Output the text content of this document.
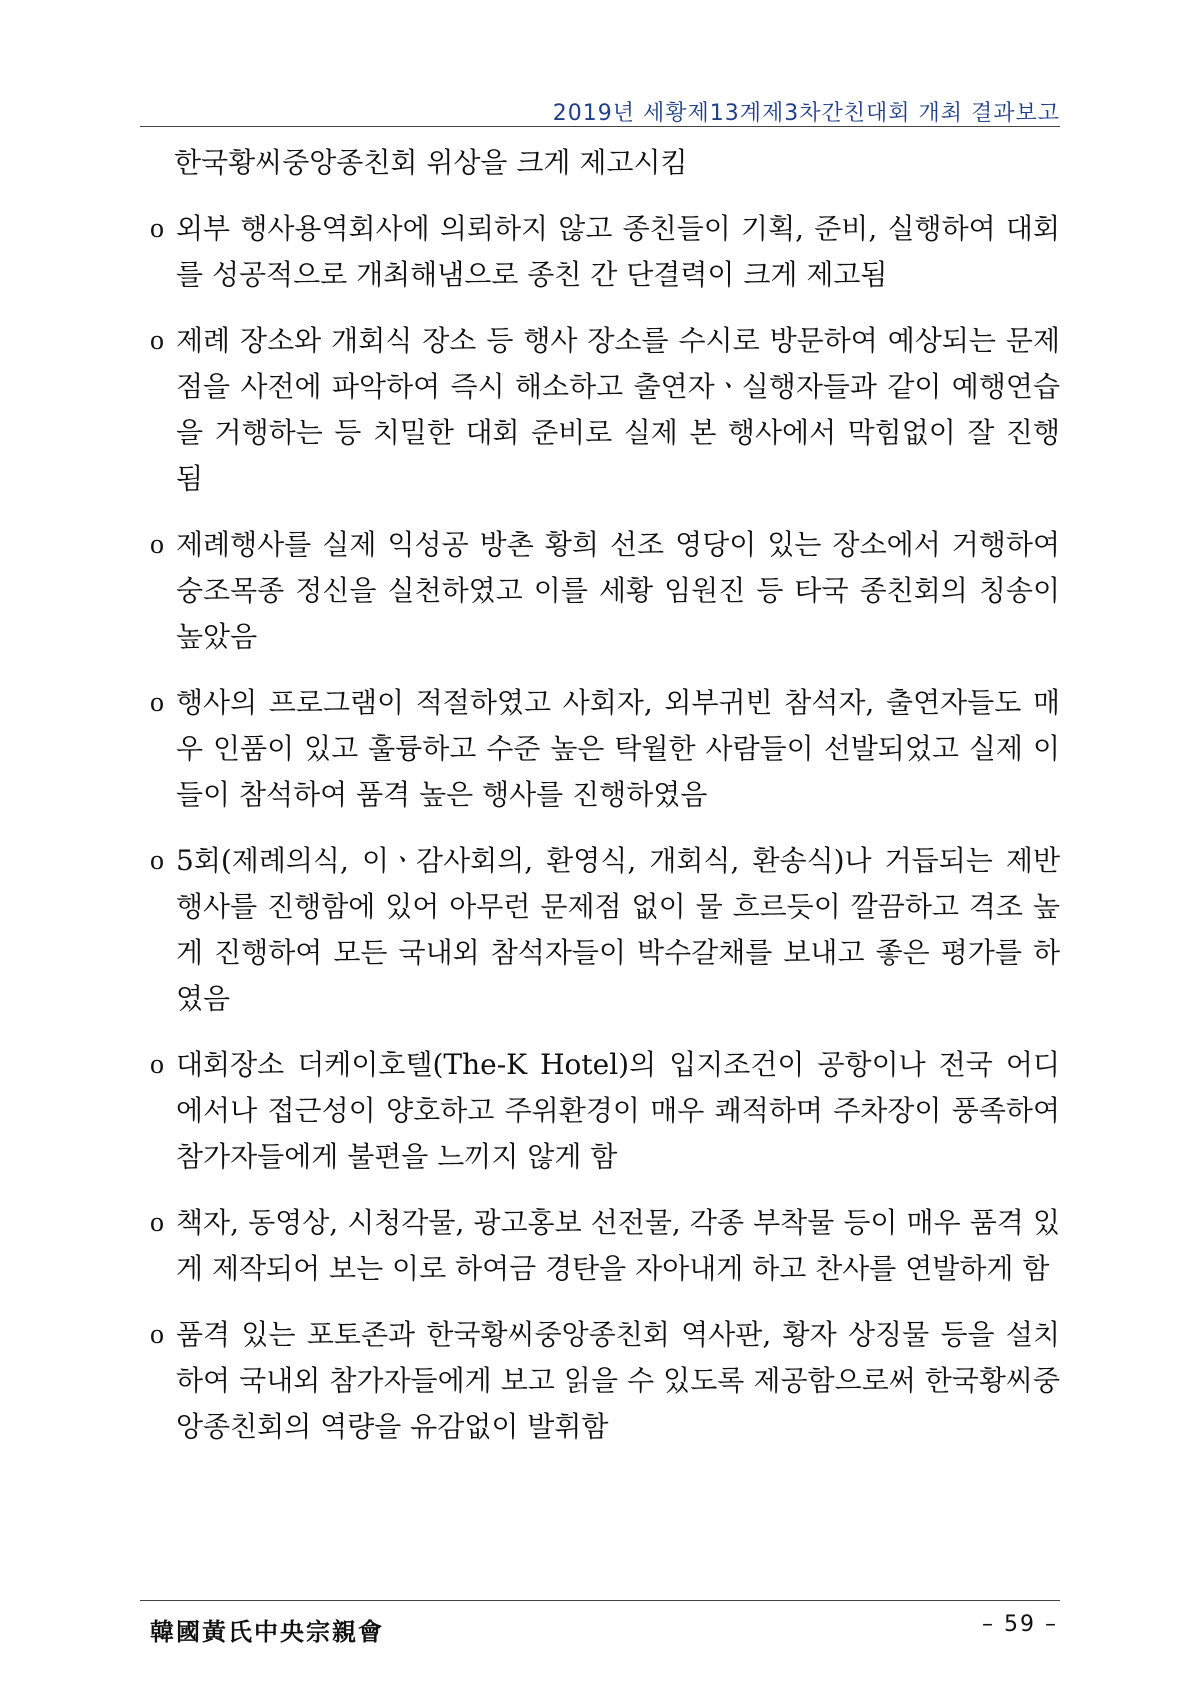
2019년 세황제13계제3차간친대회 개최 결과보고

한국황씨중앙종친회 위상을 크게 제고시킴

o 외부 행사용역회사에 의뢰하지 않고 종친들이 기획, 준비, 실행하여 대회를 성공적으로 개최해냄으로 종친 간 단결력이 크게 제고됨
o 제례 장소와 개회식 장소 등 행사 장소를 수시로 방문하여 예상되는 문제점을 사전에 파악하여 즉시 해소하고 출연자ㆍ실행자들과 같이 예행연습을 거행하는 등 치밀한 대회 준비로 실제 본 행사에서 막힘없이 잘 진행 됨
o 제례행사를 실제 익성공 방촌 황희 선조 영당이 있는 장소에서 거행하여 숭조목종 정신을 실천하였고 이를 세황 임원진 등 타국 종친회의 칭송이 높았음
o 행사의 프로그램이 적절하였고 사회자, 외부귀빈 참석자, 출연자들도 매우 인품이 있고 훌륭하고 수준 높은 탁월한 사람들이 선발되었고 실제 이들이 참석하여 품격 높은 행사를 진행하였음
o 5회(제례의식, 이ㆍ감사회의, 환영식, 개회식, 환송식)나 거듭되는 제반 행사를 진행함에 있어 아무런 문제점 없이 물 흐르듯이 깔끔하고 격조 높게 진행하여 모든 국내외 참석자들이 박수갈채를 보내고 좋은 평가를 하였음
o 대회장소 더케이호텔(The-K Hotel)의 입지조건이 공항이나 전국 어디에서나 접근성이 양호하고 주위환경이 매우 쾌적하며 주차장이 풍족하여 참가자들에게 불편을 느끼지 않게 함
o 책자, 동영상, 시청각물, 광고홍보 선전물, 각종 부착물 등이 매우 품격 있게 제작되어 보는 이로 하여금 경탄을 자아내게 하고 찬사를 연발하게 함
o 품격 있는 포토존과 한국황씨중앙종친회 역사판, 황자 상징물 등을 설치하여 국내외 참가자들에게 보고 읽을 수 있도록 제공함으로써 한국황씨중앙종친회의 역량을 유감없이 발휘함
韓國黃氏中央宗親會	– 59 –
